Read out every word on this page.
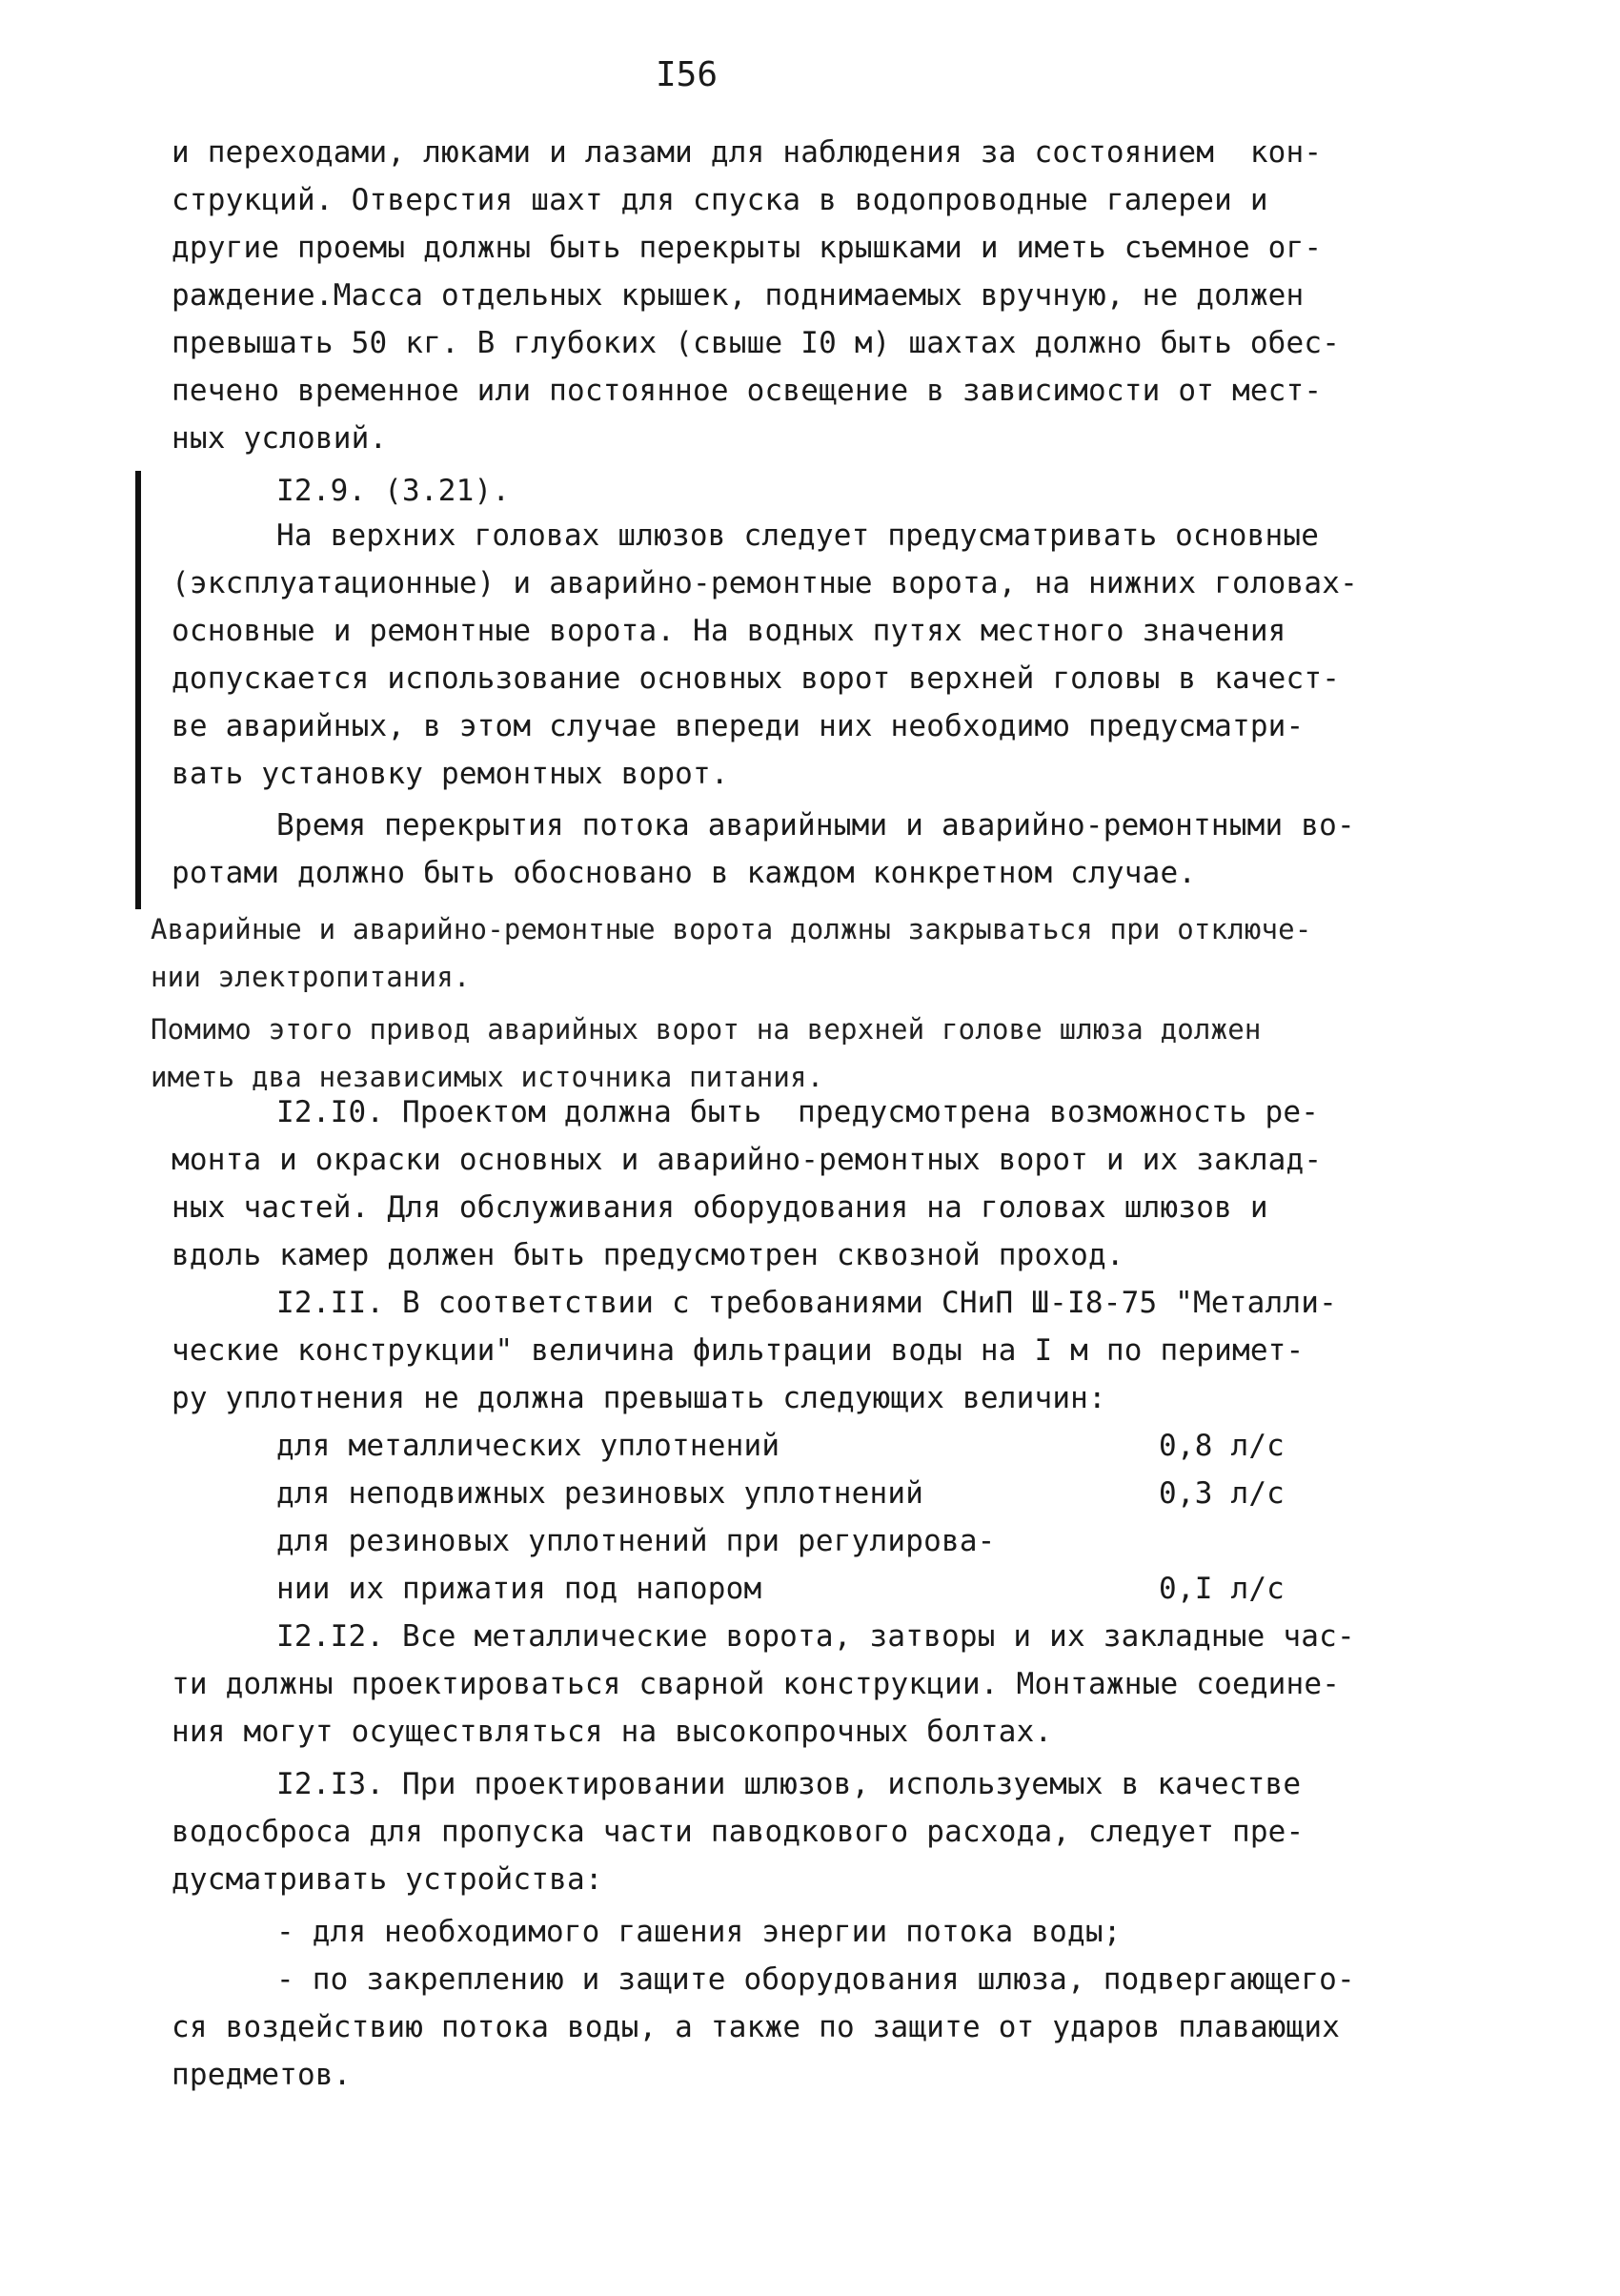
I56
и переходами, люками и лазами для наблюдения за состоянием  кон-
струкций. Отверстия шахт для спуска в водопроводные галереи и
другие проемы должны быть перекрыты крышками и иметь съемное ог-
раждение.Масса отдельных крышек, поднимаемых вручную, не должен
превышать 50 кг. В глубоких (свыше I0 м) шахтах должно быть обес-
печено временное или постоянное освещение в зависимости от мест-
ных условий.
I2.9. (3.21).
На верхних головах шлюзов следует предусматривать основные
(эксплуатационные) и аварийно-ремонтные ворота, на нижних головах-
основные и ремонтные ворота. На водных путях местного значения
допускается использование основных ворот верхней головы в качест-
ве аварийных, в этом случае впереди них необходимо предусматри-
вать установку ремонтных ворот.
Время перекрытия потока аварийными и аварийно-ремонтными во-
ротами должно быть обосновано в каждом конкретном случае.
Аварийные и аварийно-ремонтные ворота должны закрываться при отключе-
нии электропитания.
Помимо этого привод аварийных ворот на верхней голове шлюза должен
иметь два независимых источника питания.
I2.I0. Проектом должна быть  предусмотрена возможность ре-
монта и окраски основных и аварийно-ремонтных ворот и их заклад-
ных частей. Для обслуживания оборудования на головах шлюзов и
вдоль камер должен быть предусмотрен сквозной проход.
I2.II. В соответствии с требованиями СНиП Ш-I8-75 "Металли-
ческие конструкции" величина фильтрации воды на I м по перимет-
ру уплотнения не должна превышать следующих величин:
для металлических уплотнений	0,8 л/с
для неподвижных резиновых уплотнений	0,3 л/с
для резиновых уплотнений при регулирова-
нии их прижатия под напором	0,I л/с
I2.I2. Все металлические ворота, затворы и их закладные час-
ти должны проектироваться сварной конструкции. Монтажные соедине-
ния могут осуществляться на высокопрочных болтах.
I2.I3. При проектировании шлюзов, используемых в качестве
водосброса для пропуска части паводкового расхода, следует пре-
дусматривать устройства:
- для необходимого гашения энергии потока воды;
- по закреплению и защите оборудования шлюза, подвергающего-
ся воздействию потока воды, а также по защите от ударов плавающих
предметов.
